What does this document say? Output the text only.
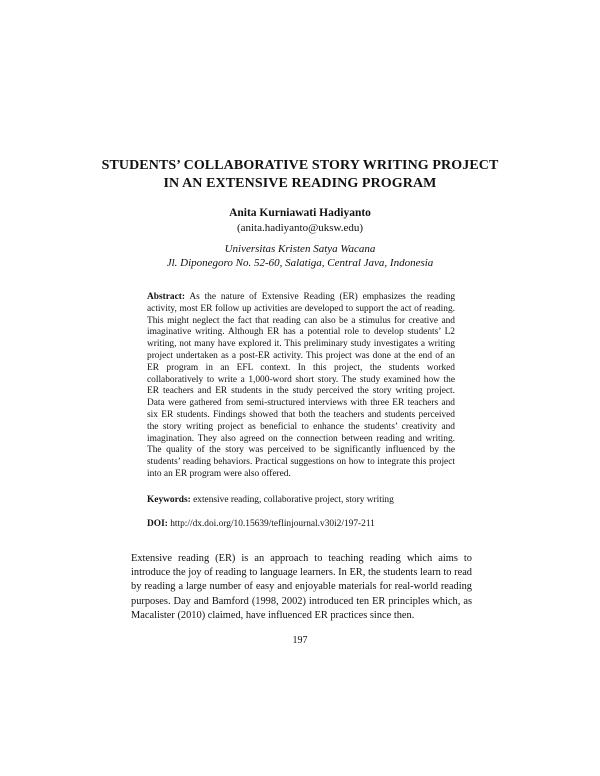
STUDENTS’ COLLABORATIVE STORY WRITING PROJECT IN AN EXTENSIVE READING PROGRAM
Anita Kurniawati Hadiyanto
(anita.hadiyanto@uksw.edu)
Universitas Kristen Satya Wacana
Jl. Diponegoro No. 52-60, Salatiga, Central Java, Indonesia
Abstract: As the nature of Extensive Reading (ER) emphasizes the reading activity, most ER follow up activities are developed to support the act of reading. This might neglect the fact that reading can also be a stimulus for creative and imaginative writing. Although ER has a potential role to develop students’ L2 writing, not many have explored it. This preliminary study investigates a writing project undertaken as a post-ER activity. This project was done at the end of an ER program in an EFL context. In this project, the students worked collaboratively to write a 1,000-word short story. The study examined how the ER teachers and ER students in the study perceived the story writing project. Data were gathered from semi-structured interviews with three ER teachers and six ER students. Findings showed that both the teachers and students perceived the story writing project as beneficial to enhance the students’ creativity and imagination. They also agreed on the connection between reading and writing. The quality of the story was perceived to be significantly influenced by the students’ reading behaviors. Practical suggestions on how to integrate this project into an ER program were also offered.
Keywords: extensive reading, collaborative project, story writing
DOI: http://dx.doi.org/10.15639/teflinjournal.v30i2/197-211
Extensive reading (ER) is an approach to teaching reading which aims to introduce the joy of reading to language learners. In ER, the students learn to read by reading a large number of easy and enjoyable materials for real-world reading purposes. Day and Bamford (1998, 2002) introduced ten ER principles which, as Macalister (2010) claimed, have influenced ER practices since then.
197
